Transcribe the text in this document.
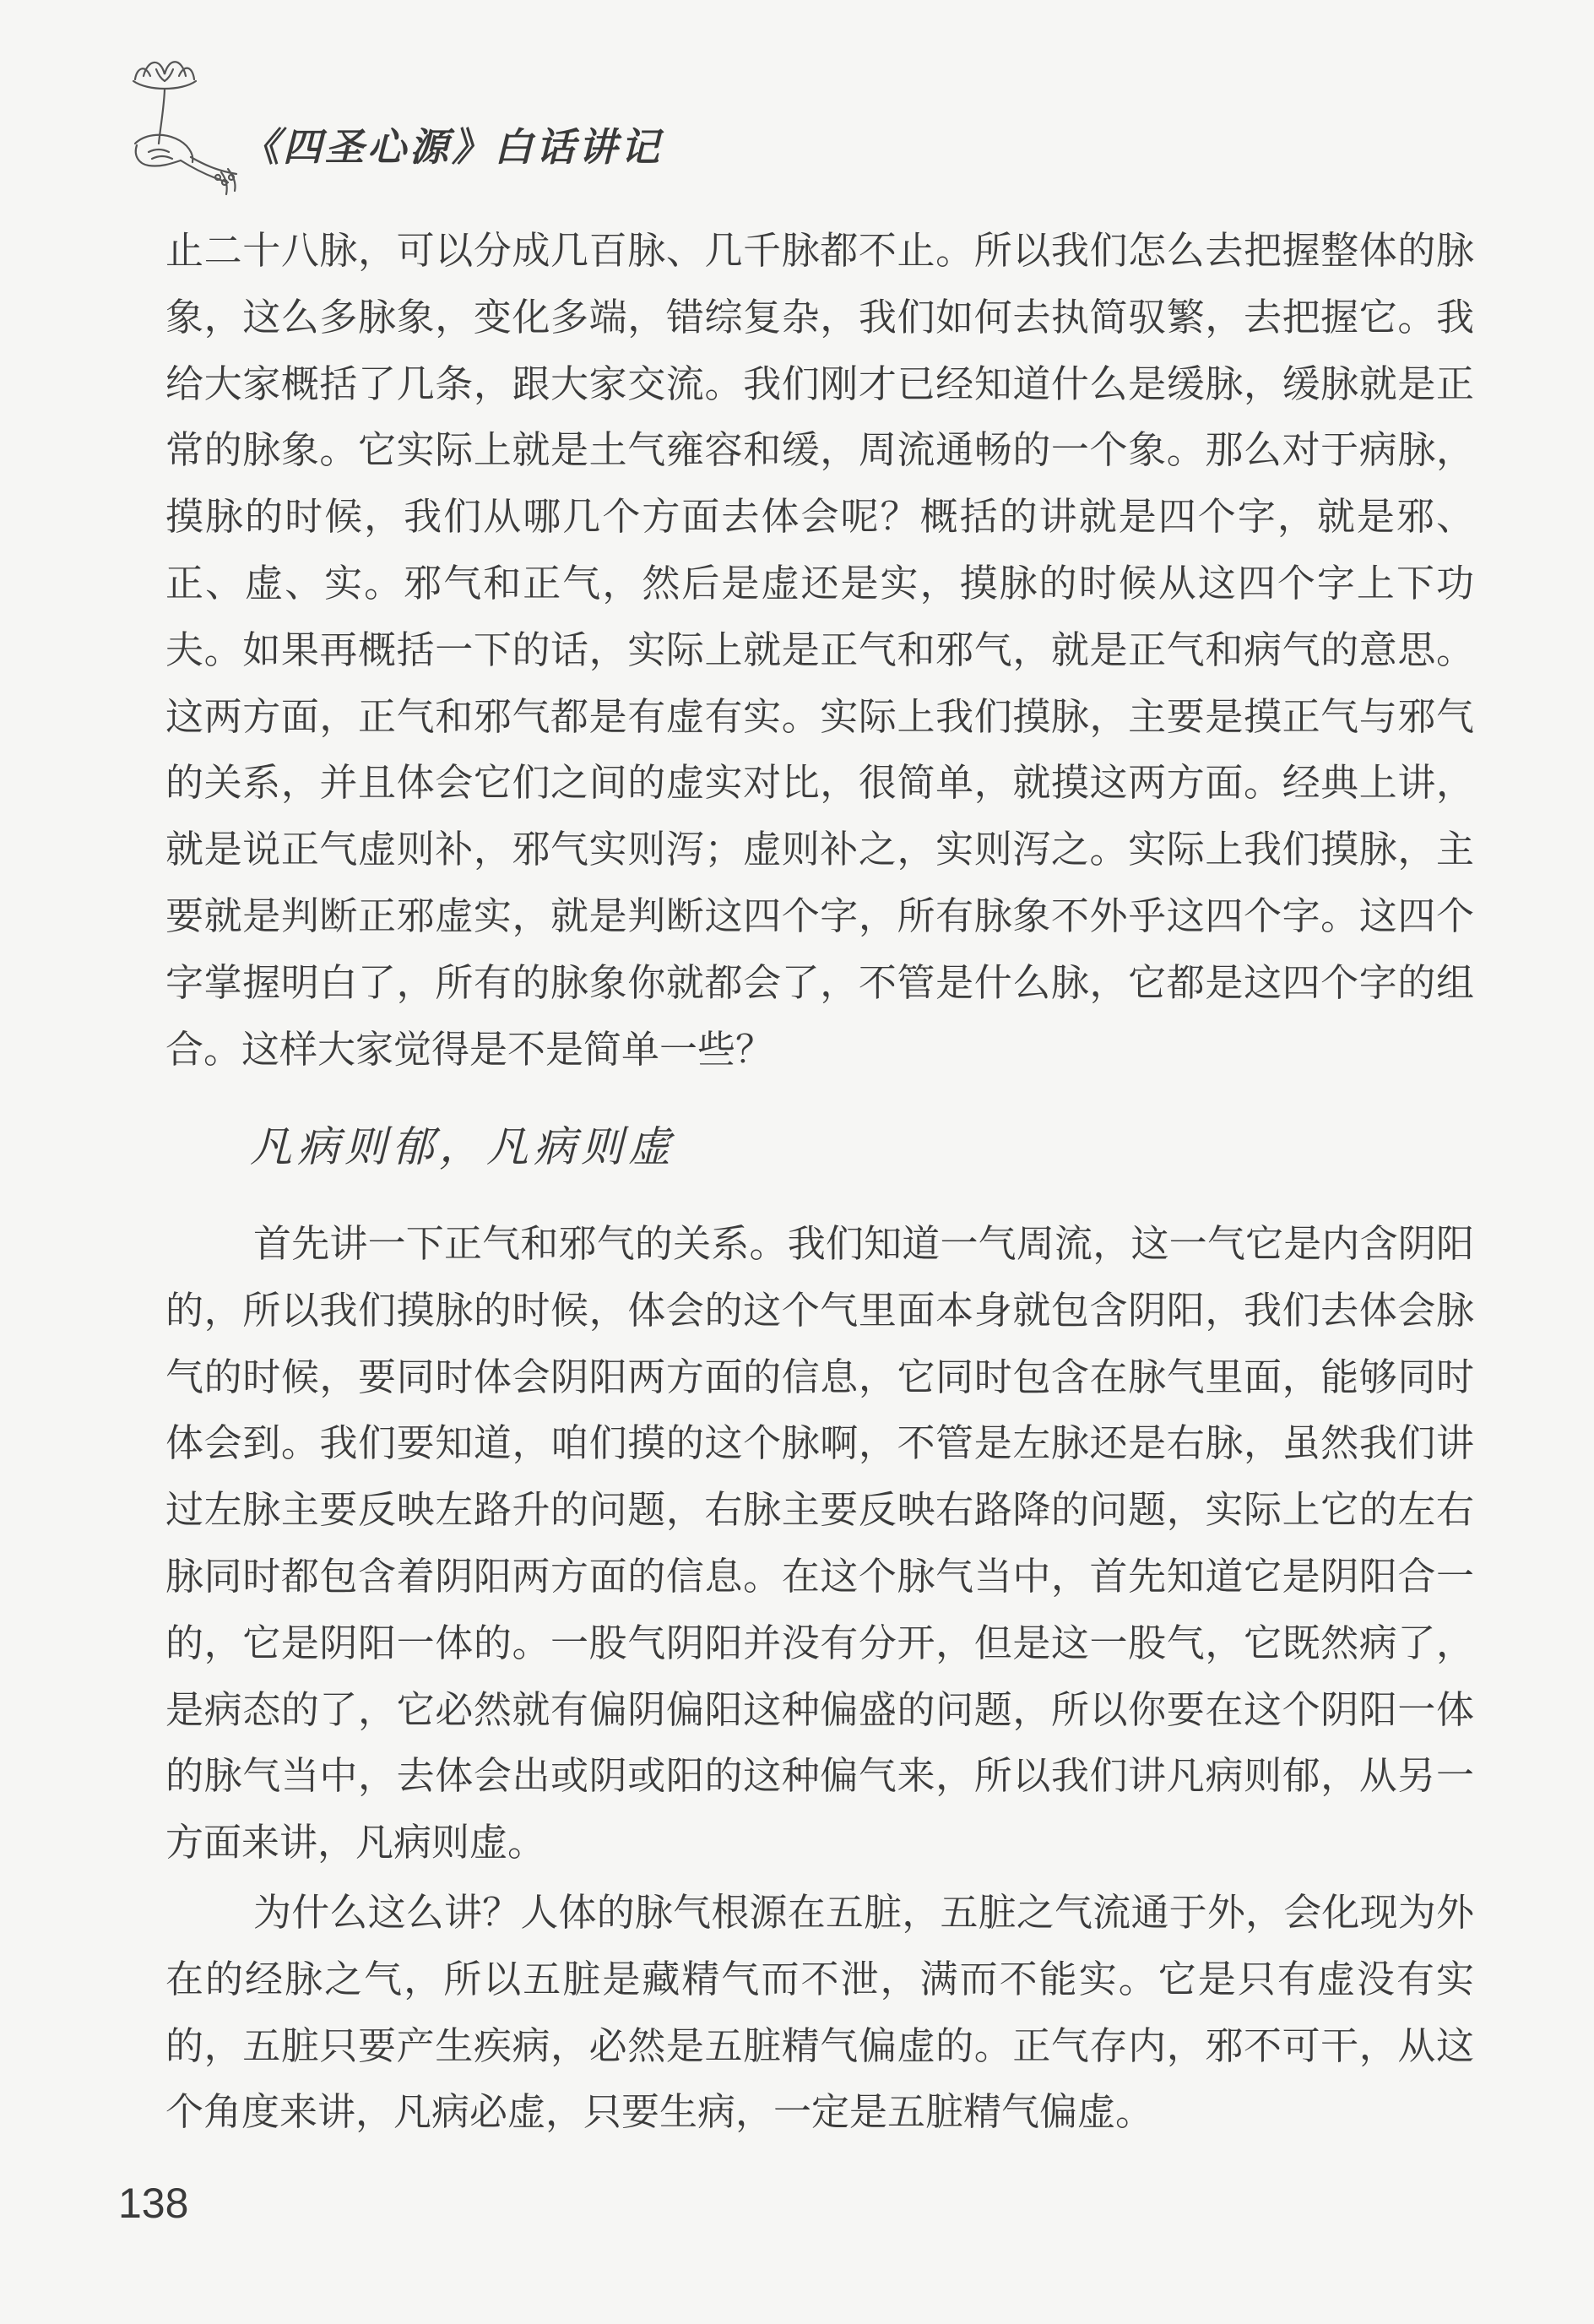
《四圣心源》白话讲记
止二十八脉，可以分成几百脉、几千脉都不止。所以我们怎么去把握整体的脉象，这么多脉象，变化多端，错综复杂，我们如何去执简驭繁，去把握它。我给大家概括了几条，跟大家交流。我们刚才已经知道什么是缓脉，缓脉就是正常的脉象。它实际上就是土气雍容和缓，周流通畅的一个象。那么对于病脉，摸脉的时候，我们从哪几个方面去体会呢？概括的讲就是四个字，就是邪、正、虚、实。邪气和正气，然后是虚还是实，摸脉的时候从这四个字上下功夫。如果再概括一下的话，实际上就是正气和邪气，就是正气和病气的意思。这两方面，正气和邪气都是有虚有实。实际上我们摸脉，主要是摸正气与邪气的关系，并且体会它们之间的虚实对比，很简单，就摸这两方面。经典上讲，就是说正气虚则补，邪气实则泻；虚则补之，实则泻之。实际上我们摸脉，主要就是判断正邪虚实，就是判断这四个字，所有脉象不外乎这四个字。这四个字掌握明白了，所有的脉象你就都会了，不管是什么脉，它都是这四个字的组合。这样大家觉得是不是简单一些？
凡病则郁，凡病则虚
首先讲一下正气和邪气的关系。我们知道一气周流，这一气它是内含阴阳的，所以我们摸脉的时候，体会的这个气里面本身就包含阴阳，我们去体会脉气的时候，要同时体会阴阳两方面的信息，它同时包含在脉气里面，能够同时体会到。我们要知道，咱们摸的这个脉啊，不管是左脉还是右脉，虽然我们讲过左脉主要反映左路升的问题，右脉主要反映右路降的问题，实际上它的左右脉同时都包含着阴阳两方面的信息。在这个脉气当中，首先知道它是阴阳合一的，它是阴阳一体的。一股气阴阳并没有分开，但是这一股气，它既然病了，是病态的了，它必然就有偏阴偏阳这种偏盛的问题，所以你要在这个阴阳一体的脉气当中，去体会出或阴或阳的这种偏气来，所以我们讲凡病则郁，从另一方面来讲，凡病则虚。
为什么这么讲？人体的脉气根源在五脏，五脏之气流通于外，会化现为外在的经脉之气，所以五脏是藏精气而不泄，满而不能实。它是只有虚没有实的，五脏只要产生疾病，必然是五脏精气偏虚的。正气存内，邪不可干，从这个角度来讲，凡病必虚，只要生病，一定是五脏精气偏虚。
138
